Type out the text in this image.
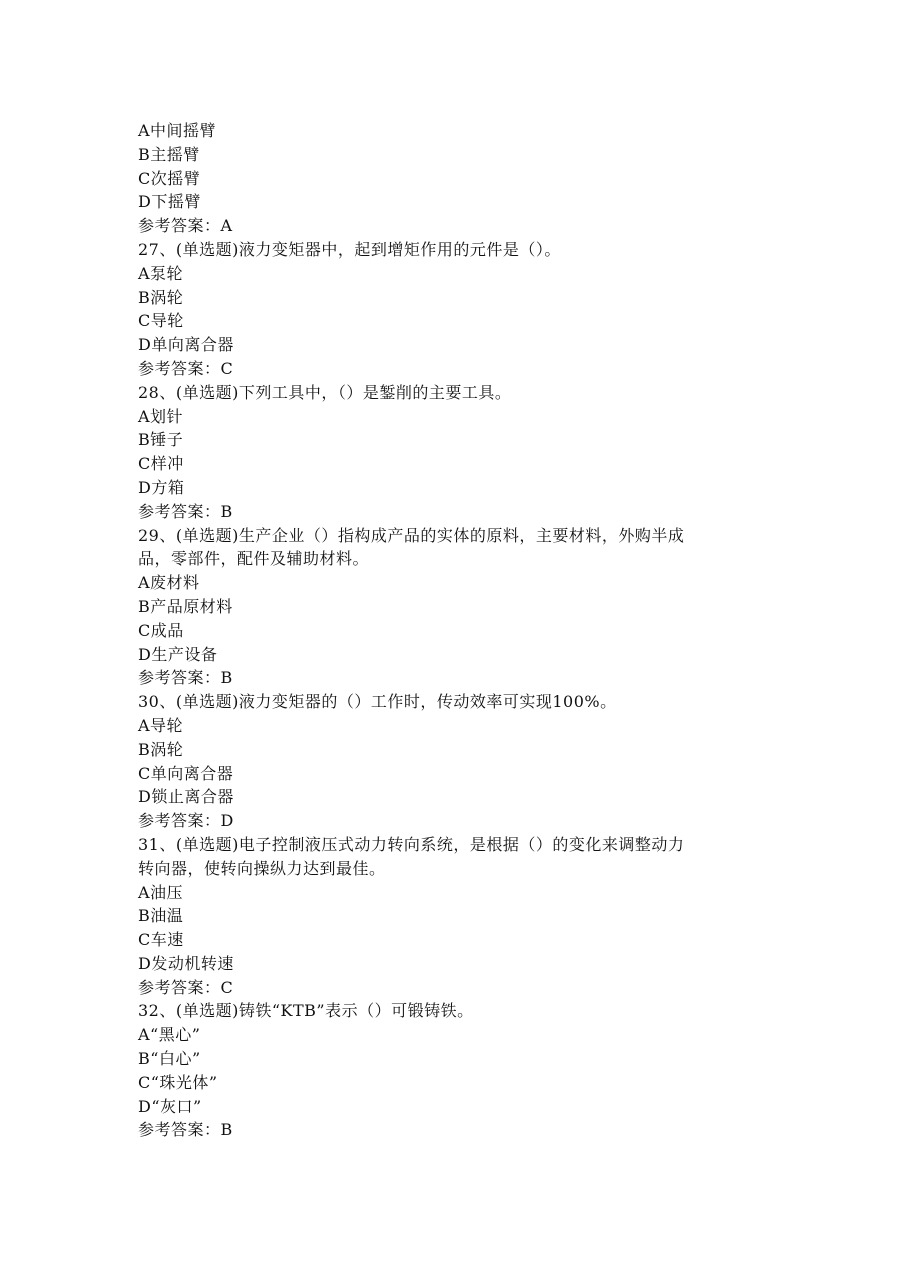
A中间摇臂
B主摇臂
C次摇臂
D下摇臂
参考答案：A
27、(单选题)液力变矩器中，起到增矩作用的元件是（）。
A泵轮
B涡轮
C导轮
D单向离合器
参考答案：C
28、(单选题)下列工具中，（）是錾削的主要工具。
A划针
B锤子
C样冲
D方箱
参考答案：B
29、(单选题)生产企业（）指构成产品的实体的原料，主要材料，外购半成
品，零部件，配件及辅助材料。
A废材料
B产品原材料
C成品
D生产设备
参考答案：B
30、(单选题)液力变矩器的（）工作时，传动效率可实现100%。
A导轮
B涡轮
C单向离合器
D锁止离合器
参考答案：D
31、(单选题)电子控制液压式动力转向系统，是根据（）的变化来调整动力
转向器，使转向操纵力达到最佳。
A油压
B油温
C车速
D发动机转速
参考答案：C
32、(单选题)铸铁“KTB”表示（）可锻铸铁。
A“黑心”
B“白心”
C“珠光体”
D“灰口”
参考答案：B
